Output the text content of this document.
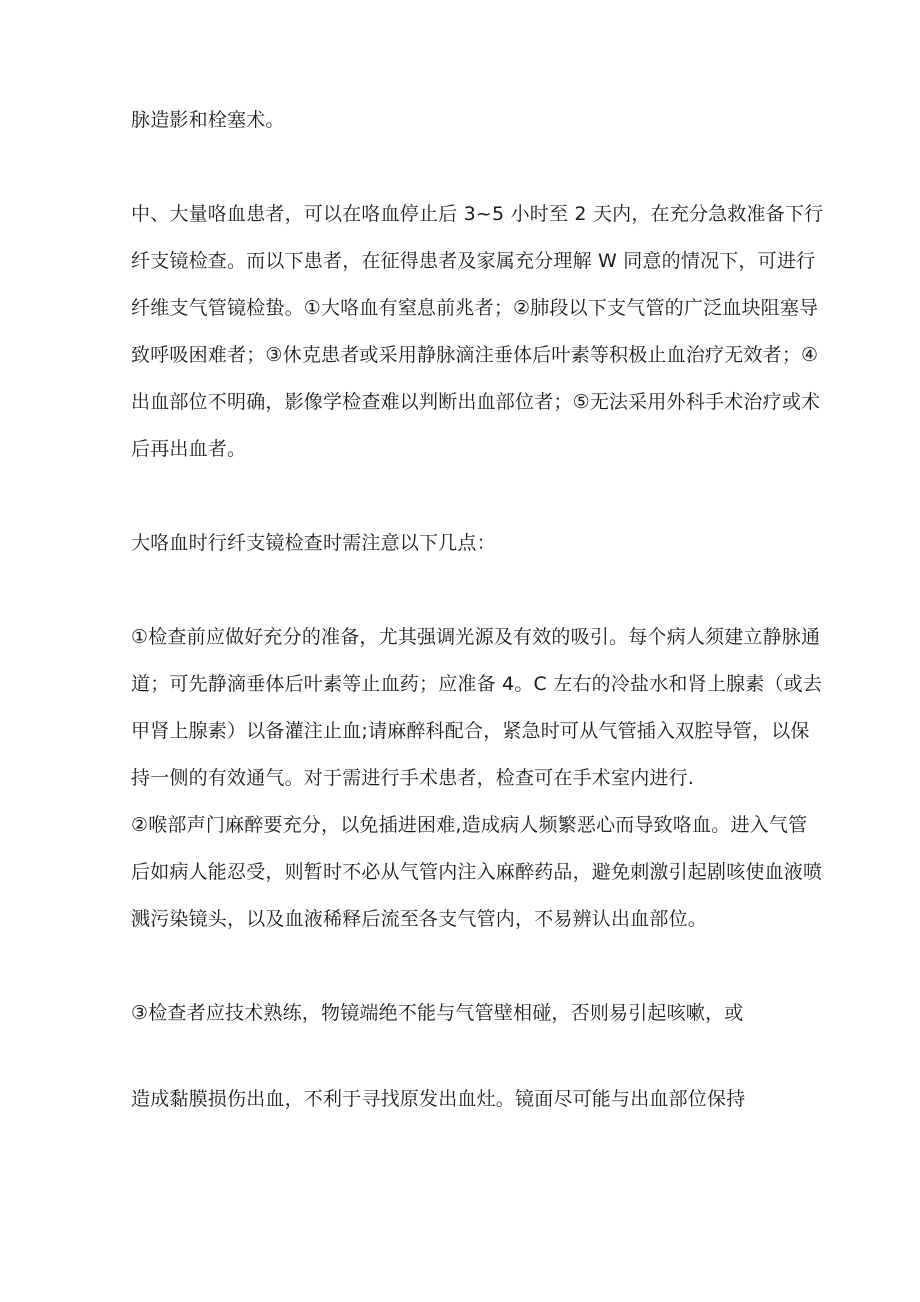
脉造影和栓塞术。
中、大量咯血患者，可以在咯血停止后 3~5 小时至 2 天内，在充分急救准备下行
纤支镜检查。而以下患者，在征得患者及家属充分理解 W 同意的情况下，可进行
纤维支气管镜检蛰。①大咯血有窒息前兆者；②肺段以下支气管的广泛血块阻塞导
致呼吸困难者；③休克患者或采用静脉滴注垂体后叶素等积极止血治疗无效者；④
出血部位不明确，影像学检查难以判断出血部位者；⑤无法采用外科手术治疗或术
后再出血者。
大咯血时行纤支镜检查时需注意以下几点：
①检查前应做好充分的准备，尤其强调光源及有效的吸引。每个病人须建立静脉通
道；可先静滴垂体后叶素等止血药；应准备 4。C 左右的冷盐水和肾上腺素（或去
甲肾上腺素）以备灌注止血;请麻醉科配合，紧急时可从气管插入双腔导管，以保
持一侧的有效通气。对于需进行手术患者，检查可在手术室内进行.
②喉部声门麻醉要充分，以免插进困难,造成病人频繁恶心而导致咯血。进入气管
后如病人能忍受，则暂时不必从气管内注入麻醉药品，避免刺激引起剧咳使血液喷
溅污染镜头，以及血液稀释后流至各支气管内，不易辨认出血部位。
③检查者应技术熟练，物镜端绝不能与气管壁相碰，否则易引起咳嗽，或
造成黏膜损伤出血，不利于寻找原发出血灶。镜面尽可能与出血部位保持
